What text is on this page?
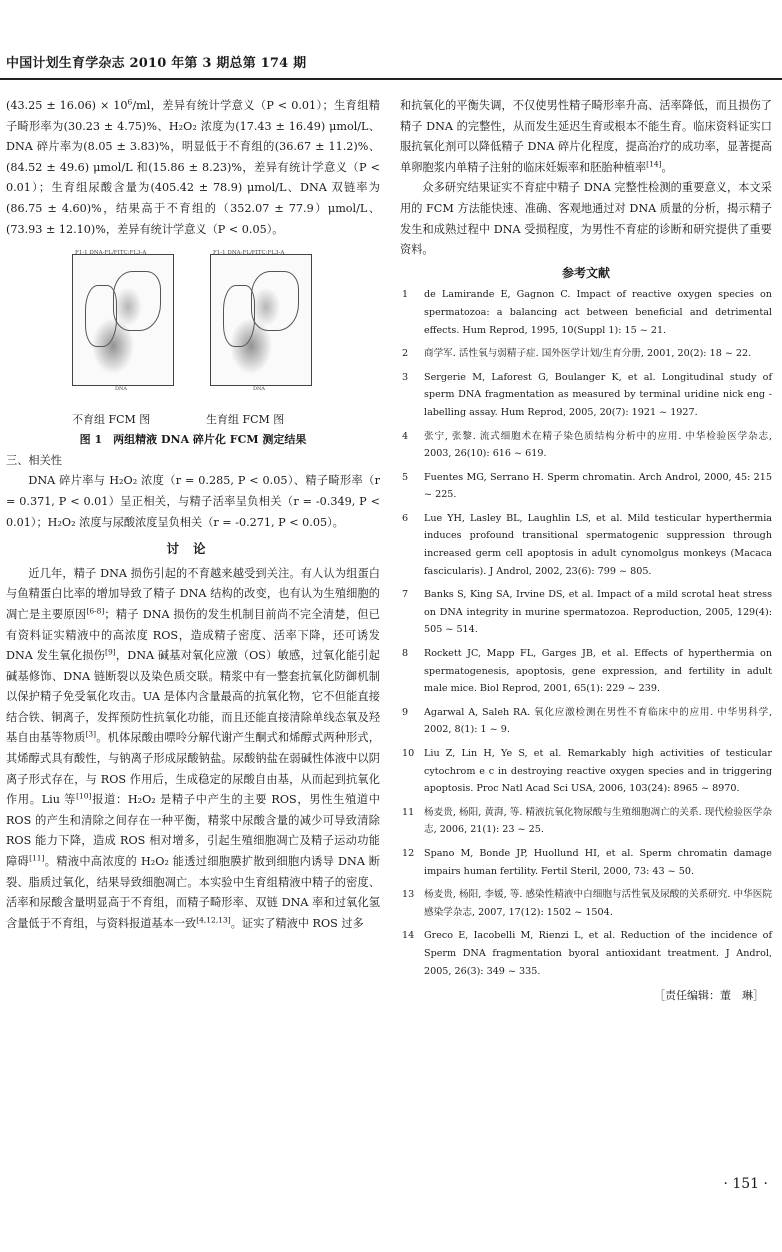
中国计划生育学杂志 2010 年第 3 期总第 174 期

$(43.25 \pm 16.06) \times 10^6/ml$，差异有统计学意义（P < 0.01）；生育组精子畸形率为(30.23 ± 4.75)%、H₂O₂ 浓度为(17.43 ± 16.49) μmol/L、DNA 碎片率为(8.05 ± 3.83)%，明显低于不育组的(36.67 ± 11.2)%、(84.52 ± 49.6) μmol/L 和(15.86 ± 8.23)%，差异有统计学意义（P < 0.01）；生育组尿酸含量为(405.42 ± 78.9) μmol/L、DNA 双链率为(86.75 ± 4.60)%，结果高于不育组的（352.07 ± 77.9）μmol/L、(73.93 ± 12.10)%，差异有统计学意义（P < 0.05）。

F1-1 DNA-FL/FITC:FL3-A
DNA
F1-1 DNA-FL/FITC:FL3-A
DNA
不育组 FCM 图	生育组 FCM 图
图 1　两组精液 DNA 碎片化 FCM 测定结果

三、相关性

DNA 碎片率与 H₂O₂ 浓度（r = 0.285, P < 0.05）、精子畸形率（r = 0.371, P < 0.01）呈正相关，与精子活率呈负相关（r = -0.349, P < 0.01）；H₂O₂ 浓度与尿酸浓度呈负相关（r = -0.271, P < 0.05）。

讨论

近几年，精子 DNA 损伤引起的不育越来越受到关注。有人认为组蛋白与鱼精蛋白比率的增加导致了精子 DNA 结构的改变，也有认为生殖细胞的凋亡是主要原因[6-8]；精子 DNA 损伤的发生机制目前尚不完全清楚，但已有资料证实精液中的高浓度 ROS，造成精子密度、活率下降，还可诱发 DNA 发生氧化损伤[9]，DNA 碱基对氧化应激（OS）敏感，过氧化能引起碱基修饰、DNA 链断裂以及染色质交联。精浆中有一整套抗氧化防御机制以保护精子免受氧化攻击。UA 是体内含量最高的抗氧化物，它不但能直接结合铁、铜离子，发挥预防性抗氧化功能，而且还能直接清除单线态氧及羟基自由基等物质[3]。机体尿酸由嘌呤分解代谢产生酮式和烯醇式两种形式，其烯醇式具有酸性，与钠离子形成尿酸钠盐。尿酸钠盐在弱碱性体液中以阴离子形式存在，与 ROS 作用后，生成稳定的尿酸自由基，从而起到抗氧化作用。Liu 等[10]报道：H₂O₂ 是精子中产生的主要 ROS，男性生殖道中 ROS 的产生和清除之间存在一种平衡，精浆中尿酸含量的减少可导致清除 ROS 能力下降，造成 ROS 相对增多，引起生殖细胞凋亡及精子运动功能障碍[11]。精液中高浓度的 H₂O₂ 能透过细胞膜扩散到细胞内诱导 DNA 断裂、脂质过氧化，结果导致细胞凋亡。本实验中生育组精液中精子的密度、活率和尿酸含量明显高于不育组，而精子畸形率、双链 DNA 率和过氧化氢含量低于不育组，与资料报道基本一致[4,12,13]。证实了精液中 ROS 过多

和抗氧化的平衡失调，不仅使男性精子畸形率升高、活率降低，而且损伤了精子 DNA 的完整性，从而发生延迟生育或根本不能生育。临床资料证实口服抗氧化剂可以降低精子 DNA 碎片化程度，提高治疗的成功率，显著提高单卵胞浆内单精子注射的临床妊娠率和胚胎种植率[14]。

众多研究结果证实不育症中精子 DNA 完整性检测的重要意义，本文采用的 FCM 方法能快速、准确、客观地通过对 DNA 质量的分析，揭示精子发生和成熟过程中 DNA 受损程度，为男性不育症的诊断和研究提供了重要资料。

参考文献
1 de Lamirande E, Gagnon C. Impact of reactive oxygen species on spermatozoa: a balancing act between beneficial and detrimental effects. Hum Reprod, 1995, 10(Suppl 1): 15 ~ 21.
2 商学军. 活性氧与弱精子症. 国外医学计划/生育分册, 2001, 20(2): 18 ~ 22.
3 Sergerie M, Laforest G, Boulanger K, et al. Longitudinal study of sperm DNA fragmentation as measured by terminal uridine nick eng - labelling assay. Hum Reprod, 2005, 20(7): 1921 ~ 1927.
4 张宁, 张黎. 流式细胞术在精子染色质结构分析中的应用. 中华检验医学杂志, 2003, 26(10): 616 ~ 619.
5 Fuentes MG, Serrano H. Sperm chromatin. Arch Androl, 2000, 45: 215 ~ 225.
6 Lue YH, Lasley BL, Laughlin LS, et al. Mild testicular hyperthermia induces profound transitional spermatogenic suppression through increased germ cell apoptosis in adult cynomolgus monkeys (Macaca fascicularis). J Androl, 2002, 23(6): 799 ~ 805.
7 Banks S, King SA, Irvine DS, et al. Impact of a mild scrotal heat stress on DNA integrity in murine spermatozoa. Reproduction, 2005, 129(4): 505 ~ 514.
8 Rockett JC, Mapp FL, Garges JB, et al. Effects of hyperthermia on spermatogenesis, apoptosis, gene expression, and fertility in adult male mice. Biol Reprod, 2001, 65(1): 229 ~ 239.
9 Agarwal A, Saleh RA. 氧化应激检测在男性不育临床中的应用. 中华男科学, 2002, 8(1): 1 ~ 9.
10 Liu Z, Lin H, Ye S, et al. Remarkably high activities of testicular cytochrom e c in destroying reactive oxygen species and in triggering apoptosis. Proc Natl Acad Sci USA, 2006, 103(24): 8965 ~ 8970.
11 杨麦贵, 杨阳, 黄湃, 等. 精液抗氧化物尿酸与生殖细胞凋亡的关系. 现代检验医学杂志, 2006, 21(1): 23 ~ 25.
12 Spano M, Bonde JP, Huollund HI, et al. Sperm chromatin damage impairs human fertility. Fertil Steril, 2000, 73: 43 ~ 50.
13 杨麦贵, 杨阳, 李媛, 等. 感染性精液中白细胞与活性氧及尿酸的关系研究. 中华医院感染学杂志, 2007, 17(12): 1502 ~ 1504.
14 Greco E, Iacobelli M, Rienzi L, et al. Reduction of the incidence of Sperm DNA fragmentation byoral antioxidant treatment. J Androl, 2005, 26(3): 349 ~ 335.
［责任编辑：董　琳］
· 151 ·
